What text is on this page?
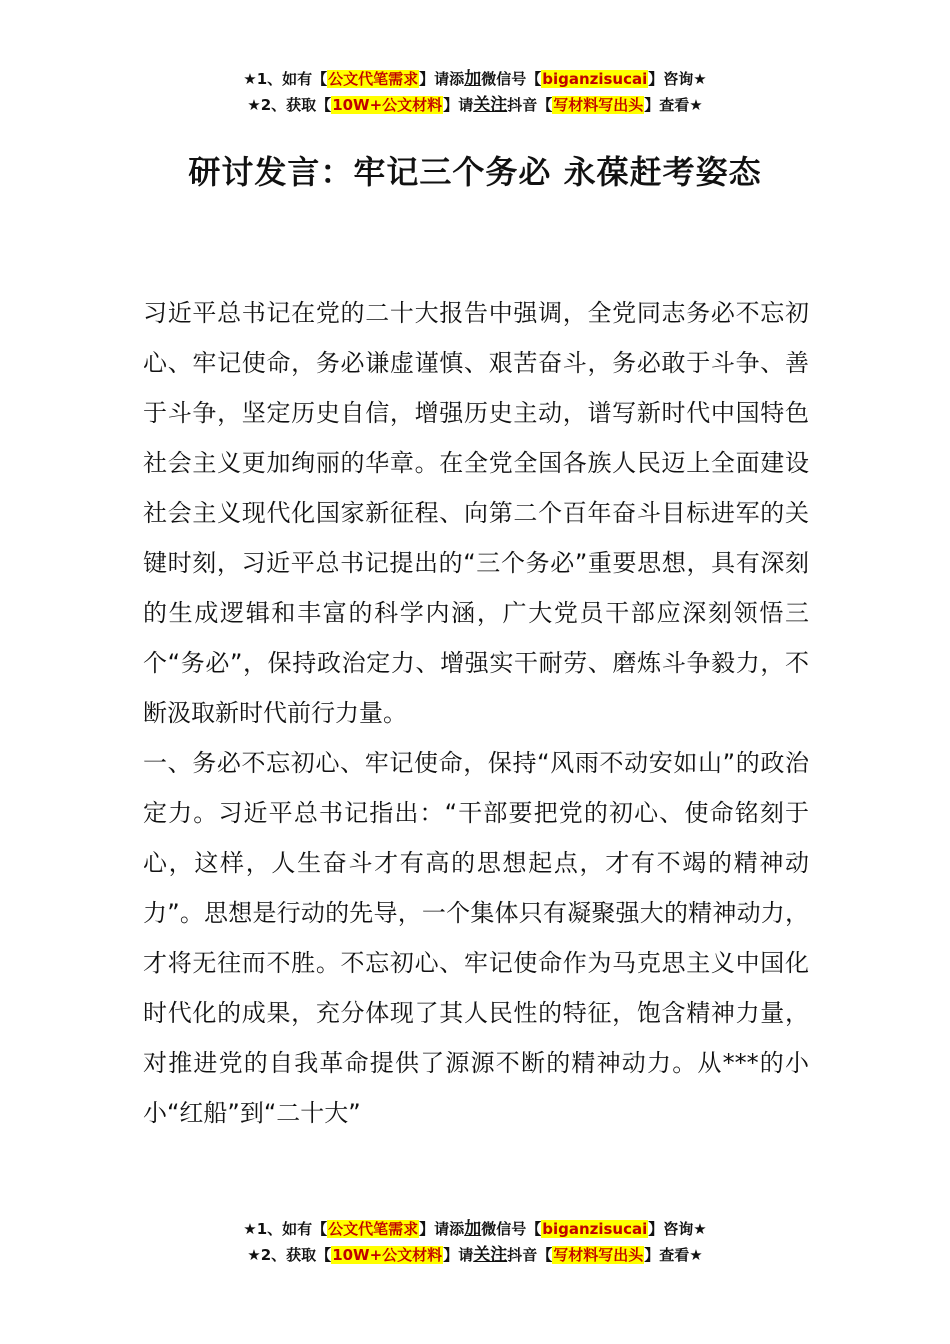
★1、如有【公文代笔需求】请添加微信号【biganzisucai】咨询★
★2、获取【10W+公文材料】请关注抖音【写材料写出头】查看★
研讨发言：牢记三个务必 永葆赶考姿态

习近平总书记在党的二十大报告中强调，全党同志务必不忘初心、牢记使命，务必谦虚谨慎、艰苦奋斗，务必敢于斗争、善于斗争，坚定历史自信，增强历史主动，谱写新时代中国特色社会主义更加绚丽的华章。在全党全国各族人民迈上全面建设社会主义现代化国家新征程、向第二个百年奋斗目标进军的关键时刻，习近平总书记提出的“三个务必”重要思想，具有深刻的生成逻辑和丰富的科学内涵，广大党员干部应深刻领悟三个“务必”，保持政治定力、增强实干耐劳、磨炼斗争毅力，不断汲取新时代前行力量。

一、务必不忘初心、牢记使命，保持“风雨不动安如山”的政治定力。习近平总书记指出：“干部要把党的初心、使命铭刻于心，这样，人生奋斗才有高的思想起点，才有不竭的精神动力”。思想是行动的先导，一个集体只有凝聚强大的精神动力，才将无往而不胜。不忘初心、牢记使命作为马克思主义中国化时代化的成果，充分体现了其人民性的特征，饱含精神力量，对推进党的自我革命提供了源源不断的精神动力。从***的小小“红船”到“二十大”

★1、如有【公文代笔需求】请添加微信号【biganzisucai】咨询★
★2、获取【10W+公文材料】请关注抖音【写材料写出头】查看★
